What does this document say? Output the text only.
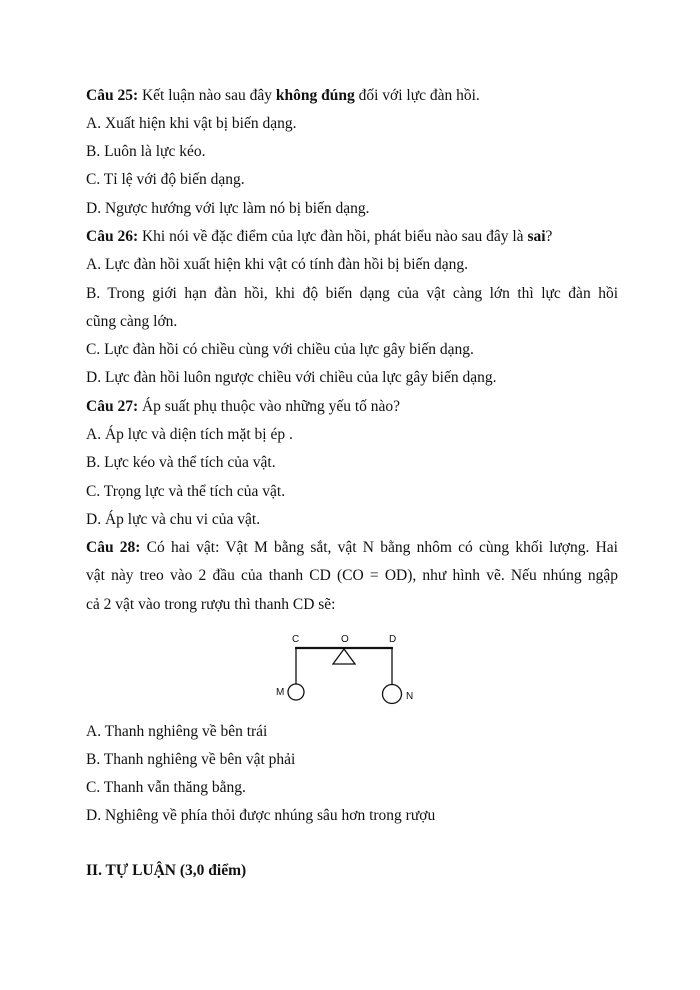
Câu 25: Kết luận nào sau đây không đúng đối với lực đàn hồi.
A. Xuất hiện khi vật bị biến dạng.
B. Luôn là lực kéo.
C. Tỉ lệ với độ biến dạng.
D. Ngược hướng với lực làm nó bị biến dạng.
Câu 26: Khi nói về đặc điểm của lực đàn hồi, phát biểu nào sau đây là sai?
A. Lực đàn hồi xuất hiện khi vật có tính đàn hồi bị biến dạng.
B. Trong giới hạn đàn hồi, khi độ biến dạng của vật càng lớn thì lực đàn hồi
cũng càng lớn.
C. Lực đàn hồi có chiều cùng với chiều của lực gây biến dạng.
D. Lực đàn hồi luôn ngược chiều với chiều của lực gây biến dạng.
Câu 27: Áp suất phụ thuộc vào những yếu tố nào?
A. Áp lực và diện tích mặt bị ép .
B. Lực kéo và thể tích của vật.
C. Trọng lực và thể tích của vật.
D. Áp lực và chu vi của vật.
Câu 28: Có hai vật: Vật M bằng sắt, vật N bằng nhôm có cùng khối lượng. Hai
vật này treo vào 2 đầu của thanh CD (CO = OD), như hình vẽ. Nếu nhúng ngập
cả 2 vật vào trong rượu thì thanh CD sẽ:
C	O	D
M	N
A. Thanh nghiêng về bên trái
B. Thanh nghiêng về bên vật phải
C. Thanh vẫn thăng bằng.
D. Nghiêng về phía thỏi được nhúng sâu hơn trong rượu
II. TỰ LUẬN (3,0 điểm)
